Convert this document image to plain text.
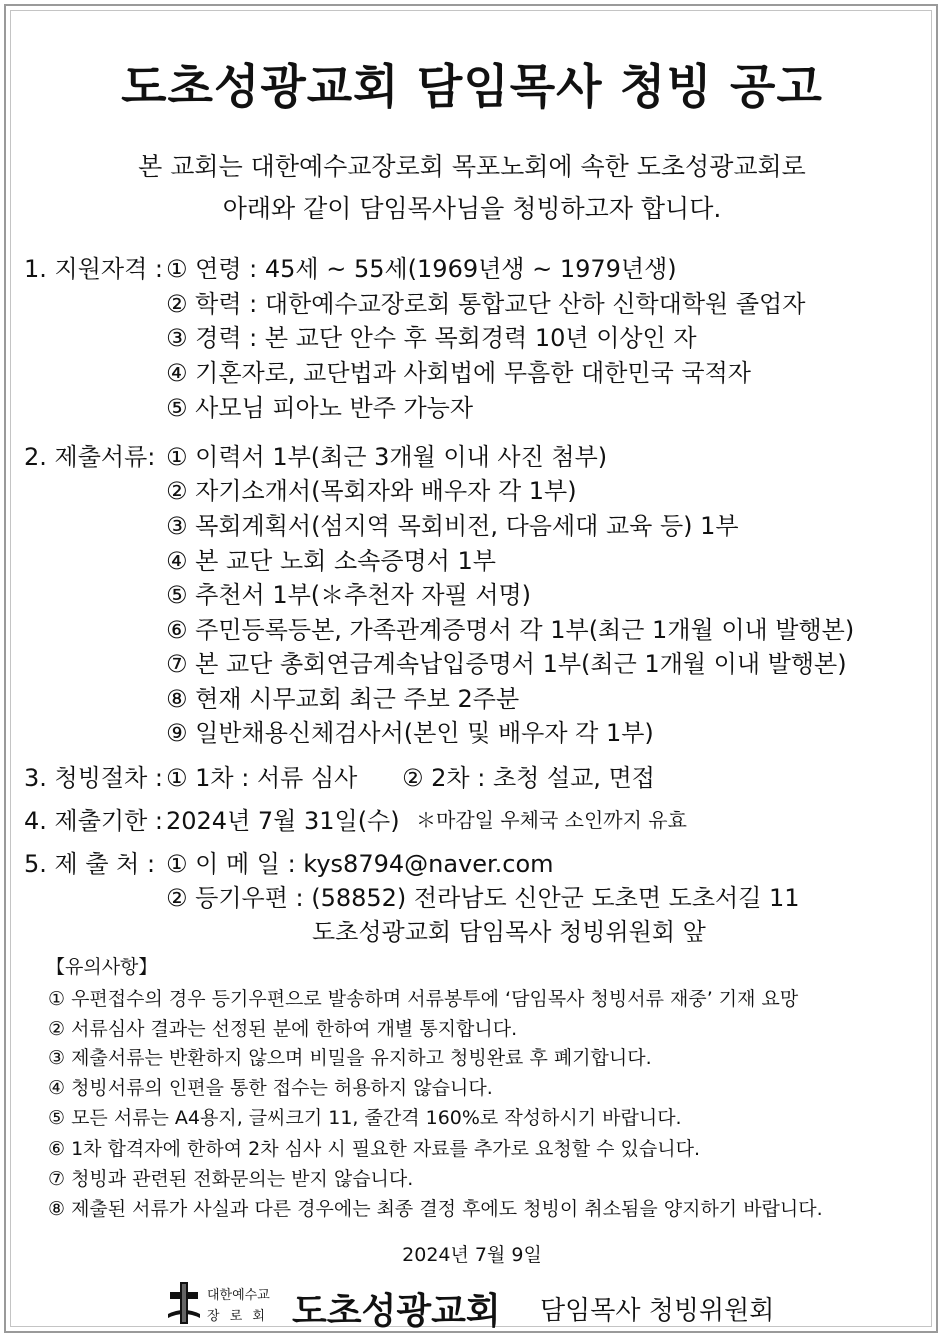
도초성광교회 담임목사 청빙 공고

본 교회는 대한예수교장로회 목포노회에 속한 도초성광교회로

아래와 같이 담임목사님을 청빙하고자 합니다.

1. 지원자격 : ① 연령 : 45세 ~ 55세(1969년생 ~ 1979년생)

② 학력 : 대한예수교장로회 통합교단 산하 신학대학원 졸업자

③ 경력 : 본 교단 안수 후 목회경력 10년 이상인 자

④ 기혼자로, 교단법과 사회법에 무흠한 대한민국 국적자

⑤ 사모님 피아노 반주 가능자

2. 제출서류: ① 이력서 1부(최근 3개월 이내 사진 첨부)

② 자기소개서(목회자와 배우자 각 1부)

③ 목회계획서(섬지역 목회비전, 다음세대 교육 등) 1부

④ 본 교단 노회 소속증명서 1부

⑤ 추천서 1부(＊추천자 자필 서명)

⑥ 주민등록등본, 가족관계증명서 각 1부(최근 1개월 이내 발행본)

⑦ 본 교단 총회연금계속납입증명서 1부(최근 1개월 이내 발행본)

⑧ 현재 시무교회 최근 주보 2주분

⑨ 일반채용신체검사서(본인 및 배우자 각 1부)

3. 청빙절차 : ① 1차 : 서류 심사 ② 2차 : 초청 설교, 면접

4. 제출기한 : 2024년 7월 31일(수) ＊마감일 우체국 소인까지 유효

5. 제 출 처 : ① 이 메 일 : kys8794@naver.com

② 등기우편 : (58852) 전라남도 신안군 도초면 도초서길 11

도초성광교회 담임목사 청빙위원회 앞

【유의사항】

① 우편접수의 경우 등기우편으로 발송하며 서류봉투에 ‘담임목사 청빙서류 재중’ 기재 요망

② 서류심사 결과는 선정된 분에 한하여 개별 통지합니다.

③ 제출서류는 반환하지 않으며 비밀을 유지하고 청빙완료 후 폐기합니다.

④ 청빙서류의 인편을 통한 접수는 허용하지 않습니다.

⑤ 모든 서류는 A4용지, 글씨크기 11, 줄간격 160%로 작성하시기 바랍니다.

⑥ 1차 합격자에 한하여 2차 심사 시 필요한 자료를 추가로 요청할 수 있습니다.

⑦ 청빙과 관련된 전화문의는 받지 않습니다.

⑧ 제출된 서류가 사실과 다른 경우에는 최종 결정 후에도 청빙이 취소됨을 양지하기 바랍니다.

2024년 7월 9일

대한예수교

장 로 회 도초성광교회 담임목사 청빙위원회
